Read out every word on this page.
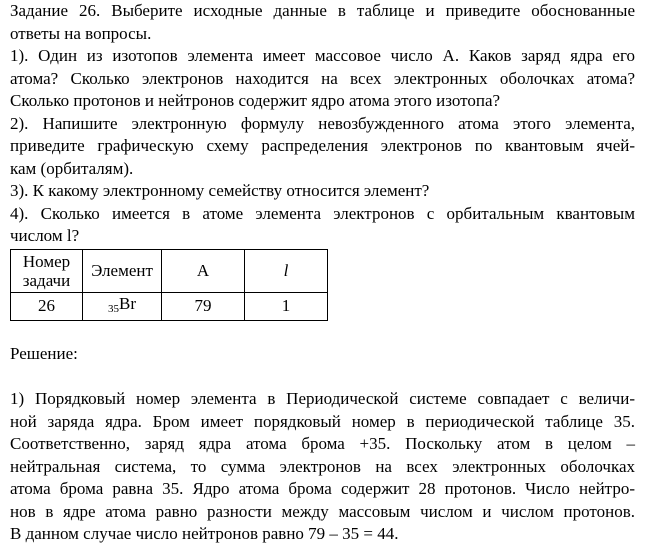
Задание 26. Выберите исходные данные в таблице и приведите обоснованные
ответы на вопросы.
1). Один из изотопов элемента имеет массовое число А. Каков заряд ядра его
атома? Сколько электронов находится на всех электронных оболочках атома?
Сколько протонов и нейтронов содержит ядро атома этого изотопа?
2). Напишите электронную формулу невозбужденного атома этого элемента,
приведите графическую схему распределения электронов по квантовым ячей-
кам (орбиталям).
3). К какому электронному семейству относится элемент?
4). Сколько имеется в атоме элемента электронов с орбитальным квантовым
числом l?
Номер
задачи	Элемент	А	l
26	$_{35}$Br	79	1
Решение:
1) Порядковый номер элемента в Периодической системе совпадает с величи-
ной заряда ядра. Бром имеет порядковый номер в периодической таблице 35.
Соответственно, заряд ядра атома брома +35. Поскольку атом в целом –
нейтральная система, то сумма электронов на всех электронных оболочках
атома брома равна 35. Ядро атома брома содержит 28 протонов. Число нейтро-
нов в ядре атома равно разности между массовым числом и числом протонов.
В данном случае число нейтронов равно 79 – 35 = 44.
